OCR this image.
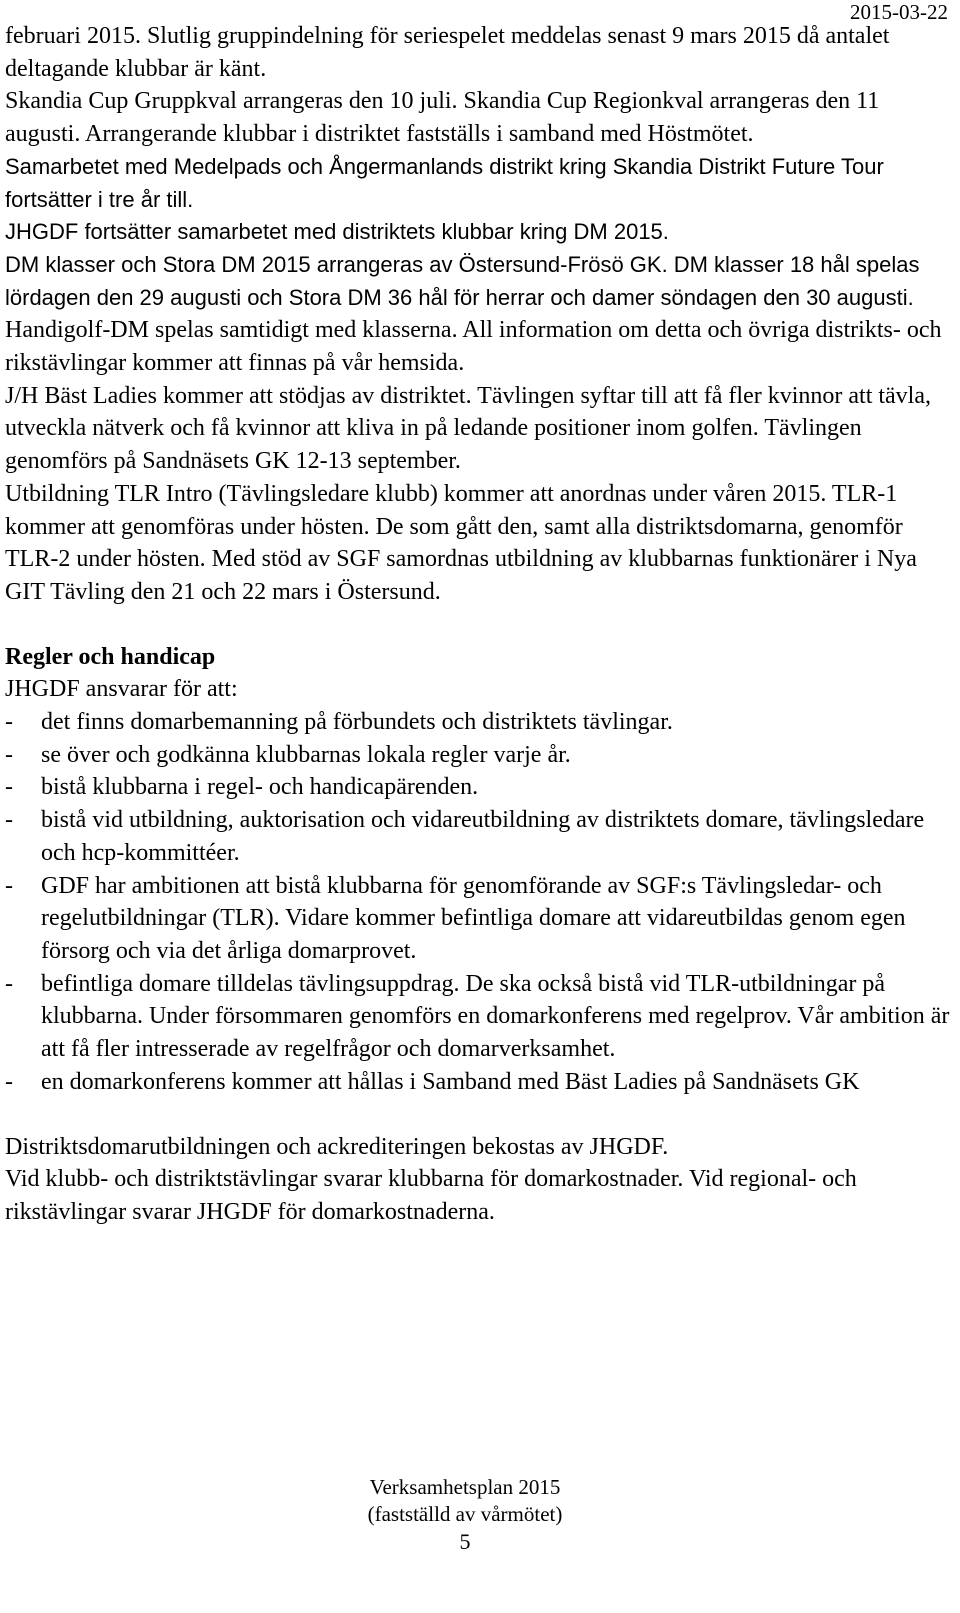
2015-03-22

februari 2015. Slutlig gruppindelning för seriespelet meddelas senast 9 mars 2015 då antalet deltagande klubbar är känt.

Skandia Cup Gruppkval arrangeras den 10 juli. Skandia Cup Regionkval arrangeras den 11 augusti. Arrangerande klubbar i distriktet fastställs i samband med Höstmötet.

Samarbetet med Medelpads och Ångermanlands distrikt kring Skandia Distrikt Future Tour fortsätter i tre år till.

JHGDF fortsätter samarbetet med distriktets klubbar kring DM 2015.

DM klasser och Stora DM 2015 arrangeras av Östersund-Frösö GK. DM klasser 18 hål spelas lördagen den 29 augusti och Stora DM 36 hål för herrar och damer söndagen den 30 augusti.

Handigolf-DM spelas samtidigt med klasserna. All information om detta och övriga distrikts- och rikstävlingar kommer att finnas på vår hemsida.

J/H Bäst Ladies kommer att stödjas av distriktet. Tävlingen syftar till att få fler kvinnor att tävla, utveckla nätverk och få kvinnor att kliva in på ledande positioner inom golfen. Tävlingen genomförs på Sandnäsets GK 12-13 september.

Utbildning TLR Intro (Tävlingsledare klubb) kommer att anordnas under våren 2015. TLR-1 kommer att genomföras under hösten. De som gått den, samt alla distriktsdomarna, genomför TLR-2 under hösten. Med stöd av SGF samordnas utbildning av klubbarnas funktionärer i Nya GIT Tävling den 21 och 22 mars i Östersund.

Regler och handicap

JHGDF ansvarar för att:

- det finns domarbemanning på förbundets och distriktets tävlingar.
- se över och godkänna klubbarnas lokala regler varje år.
- bistå klubbarna i regel- och handicapärenden.
- bistå vid utbildning, auktorisation och vidareutbildning av distriktets domare, tävlingsledare och hcp-kommittéer.
- GDF har ambitionen att bistå klubbarna för genomförande av SGF:s Tävlingsledar- och regelutbildningar (TLR). Vidare kommer befintliga domare att vidareutbildas genom egen försorg och via det årliga domarprovet.
- befintliga domare tilldelas tävlingsuppdrag. De ska också bistå vid TLR-utbildningar på klubbarna. Under försommaren genomförs en domarkonferens med regelprov. Vår ambition är att få fler intresserade av regelfrågor och domarverksamhet.
- en domarkonferens kommer att hållas i Samband med Bäst Ladies på Sandnäsets GK

Distriktsdomarutbildningen och ackrediteringen bekostas av JHGDF.

Vid klubb- och distriktstävlingar svarar klubbarna för domarkostnader. Vid regional- och rikstävlingar svarar JHGDF för domarkostnaderna.

Verksamhetsplan 2015
(fastställd av vårmötet)
5
